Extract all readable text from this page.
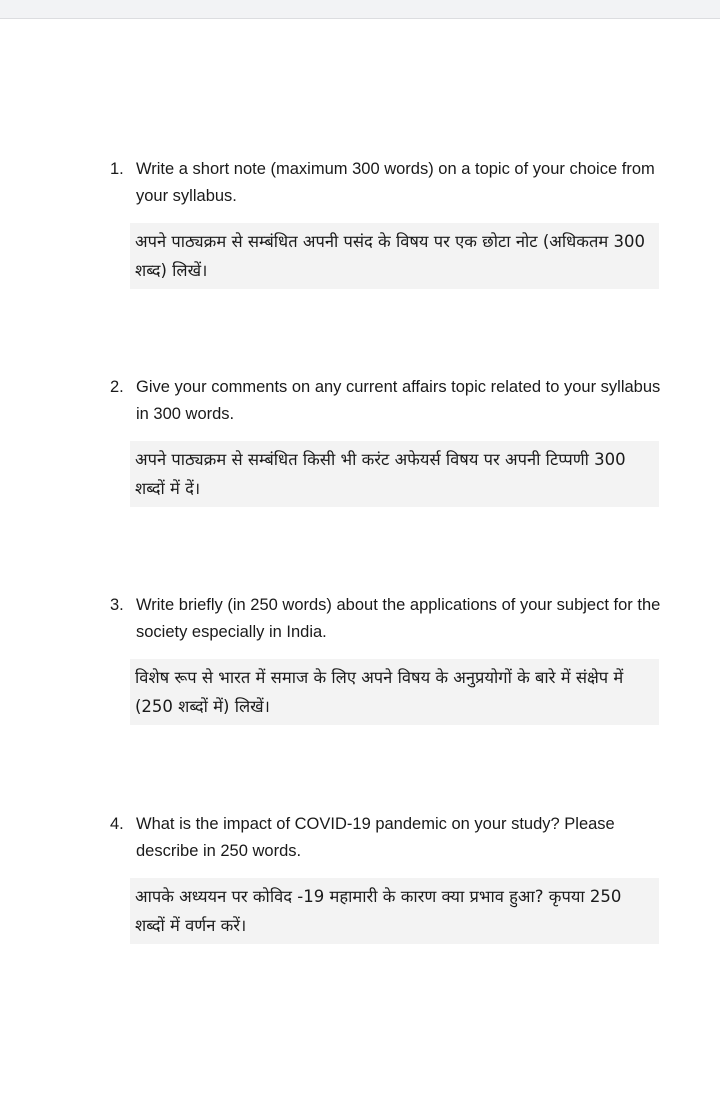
1. Write a short note (maximum 300 words) on a topic of your choice from your syllabus.
अपने पाठ्यक्रम से सम्बंधित अपनी पसंद के विषय पर एक छोटा नोट (अधिकतम 300 शब्द) लिखें।
2. Give your comments on any current affairs topic related to your syllabus in 300 words.
अपने पाठ्यक्रम से सम्बंधित किसी भी करंट अफेयर्स विषय पर अपनी टिप्पणी 300 शब्दों में दें।
3. Write briefly (in 250 words) about the applications of your subject for the society especially in India.
विशेष रूप से भारत में समाज के लिए अपने विषय के अनुप्रयोगों के बारे में संक्षेप में (250 शब्दों में) लिखें।
4. What is the impact of COVID-19 pandemic on your study? Please describe in 250 words.
आपके अध्ययन पर कोविद -19 महामारी के कारण क्या प्रभाव हुआ? कृपया 250 शब्दों में वर्णन करें।
